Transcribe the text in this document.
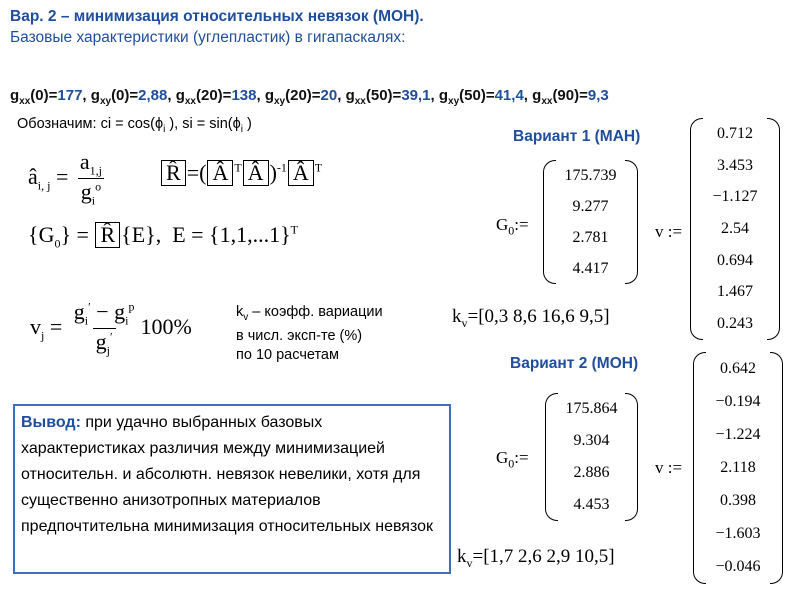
Вар. 2 – минимизация относительных невязок (МОН).
Базовые характеристики (углепластик) в гигапаскалях:
$g_{xx}(0)=177$, $g_{xy}(0)=2,88$, $g_{xx}(20)=138$, $g_{xy}(20)=20$, $g_{xx}(50)=39,1$, $g_{xy}(50)=41,4$, $g_{xx}(90)=9,3$
Обозначим: ci = $\cos(\phi_i$ ), si = $\sin(\phi_i$ )
$â_{i, j} = \frac{a_{1,j}}{g_i^o}$	R̂ =( Â $^T$ Â )$^{-1}$ Â $^T$
$\{G_0\}$ = R̂ {E}, $E = \{1,1,...1\}^T$
$v_j = \frac{g_i' - g_i^p}{g_j'} 100\%$
$k_v$ – коэфф. вариации
в числ. эксп-те (%)
по 10 расчетам
Вариант 1 (МАН)
$G_0:=$
175.739
9.277
2.781
4.417
v :=
0.712
3.453
−1.127
2.54
0.694
1.467
0.243
$k_v=[0,3$ 8,6 16,6 9,5]
Вариант 2 (МОН)
$G_0:=$
175.864
9.304
2.886
4.453
v :=
0.642
−0.194
−1.224
2.118
0.398
−1.603
−0.046
$k_v=[1,7$ 2,6 2,9 10,5]
Вывод: при удачно выбранных базовых характеристиках различия между минимизацией относительн. и абсолютн. невязок невелики, хотя для существенно анизотропных материалов предпочтительна минимизация относительных невязок
